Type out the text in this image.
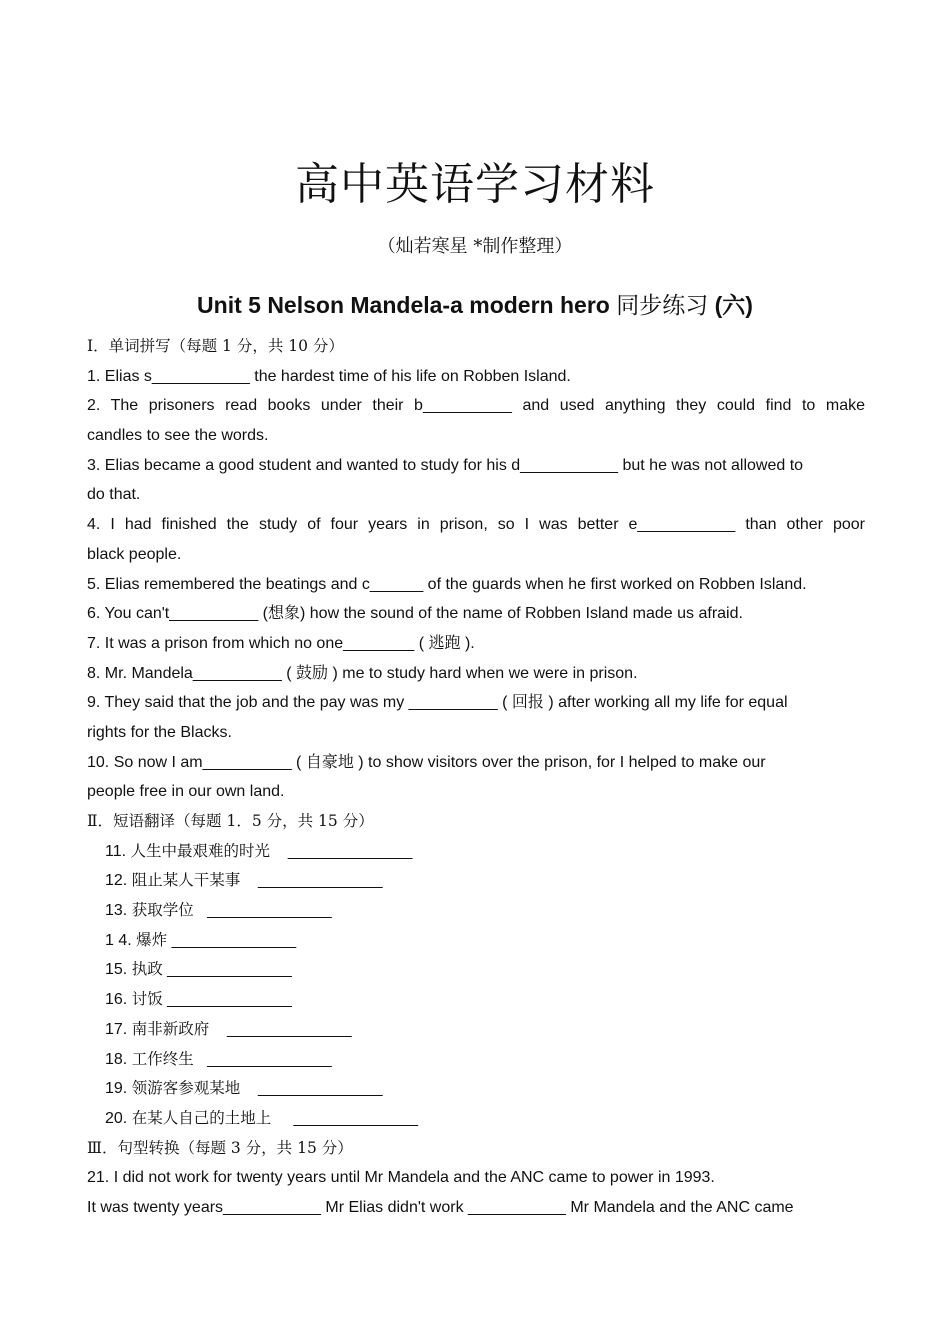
高中英语学习材料
（灿若寒星 *制作整理）
Unit 5 Nelson Mandela-a modern hero 同步练习 (六)
I．单词拼写（每题 1 分，共 10 分）
1. Elias s___________ the hardest time of his life on Robben Island.
2. The prisoners read books under their b__________ and used anything they could find to make
candles to see the words.
3. Elias became a good student and wanted to study for his d___________ but he was not allowed to
do that.
4. I had finished the study of four years in prison, so I was better e___________ than other poor
black people.
5. Elias remembered the beatings and c______ of the guards when he first worked on Robben Island.
6. You can't__________ (想象) how the sound of the name of Robben Island made us afraid.
7. It was a prison from which no one________ ( 逃跑 ).
8. Mr. Mandela__________ ( 鼓励 ) me to study hard when we were in prison.
9. They said that the job and the pay was my __________ ( 回报 ) after working all my life for equal
rights for the Blacks.
10. So now I am__________ ( 自豪地 ) to show visitors over the prison, for I helped to make our
people free in our own land.
Ⅱ．短语翻译（每题 1．5 分，共 15 分）
11. 人生中最艰难的时光 ______________
12. 阻止某人干某事 ______________
13. 获取学位 ______________
1 4. 爆炸 ______________
15. 执政 ______________
16. 讨饭 ______________
17. 南非新政府 ______________
18. 工作终生 ______________
19. 领游客参观某地 ______________
20. 在某人自己的土地上 ______________
Ⅲ．句型转换（每题 3 分，共 15 分）
21. I did not work for twenty years until Mr Mandela and the ANC came to power in 1993.
It was twenty years___________ Mr Elias didn't work ___________ Mr Mandela and the ANC came
